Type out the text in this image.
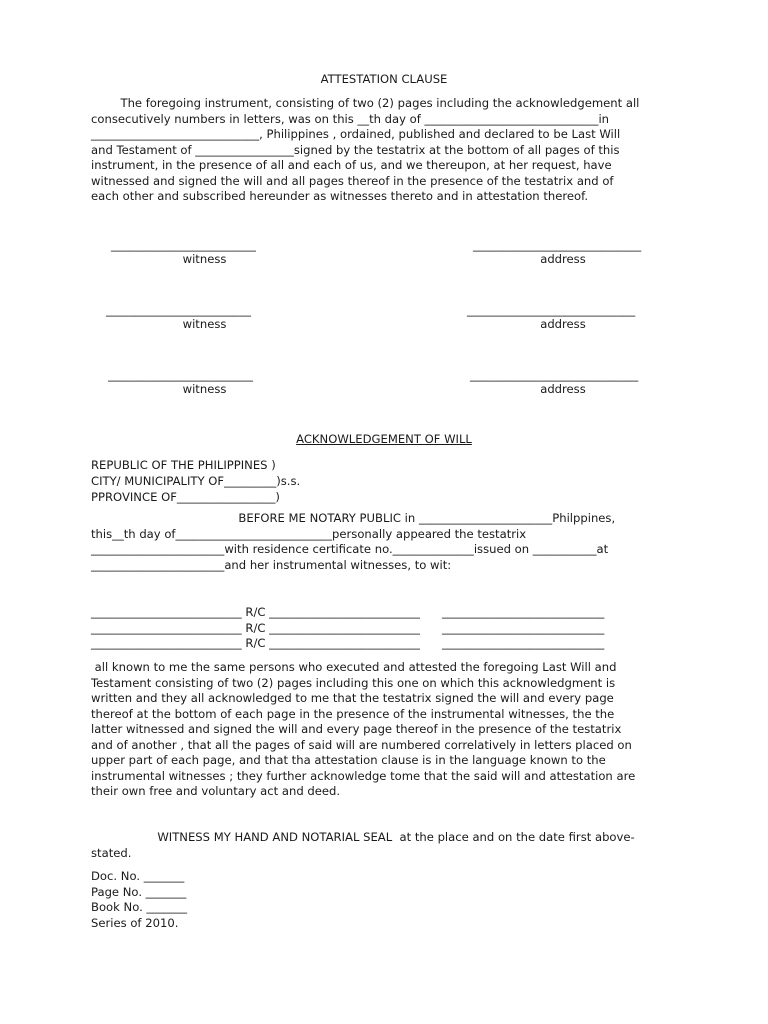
ATTESTATION CLAUSE
The foregoing instrument, consisting of two (2) pages including the acknowledgement all
consecutively numbers in letters, was on this __th day of ______________________________in
_____________________________, Philippines , ordained, published and declared to be Last Will
and Testament of _________________signed by the testatrix at the bottom of all pages of this
instrument, in the presence of all and each of us, and we thereupon, at her request, have
witnessed and signed the will and all pages thereof in the presence of the testatrix and of
each other and subscribed hereunder as witnesses thereto and in attestation thereof.
_________________________
witness
_____________________________
address
_________________________
witness
_____________________________
address
_________________________
witness
_____________________________
address
ACKNOWLEDGEMENT OF WILL
REPUBLIC OF THE PHILIPPINES )
CITY/ MUNICIPALITY OF_________)s.s.
PPROVINCE OF_________________)
BEFORE ME NOTARY PUBLIC in _______________________Philppines,
this__th day of___________________________personally appeared the testatrix
_______________________with residence certificate no.______________issued on ___________at
_______________________and her instrumental witnesses, to wit:
__________________________ R/C __________________________      ____________________________
__________________________ R/C __________________________      ____________________________
__________________________ R/C __________________________      ____________________________
all known to me the same persons who executed and attested the foregoing Last Will and
Testament consisting of two (2) pages including this one on which this acknowledgment is
written and they all acknowledged to me that the testatrix signed the will and every page
thereof at the bottom of each page in the presence of the instrumental witnesses, the the
latter witnessed and signed the will and every page thereof in the presence of the testatrix
and of another , that all the pages of said will are numbered correlatively in letters placed on
upper part of each page, and that tha attestation clause is in the language known to the
instrumental witnesses ; they further acknowledge tome that the said will and attestation are
their own free and voluntary act and deed.
WITNESS MY HAND AND NOTARIAL SEAL  at the place and on the date first above-
stated.
Doc. No. _______
Page No. _______
Book No. _______
Series of 2010.
